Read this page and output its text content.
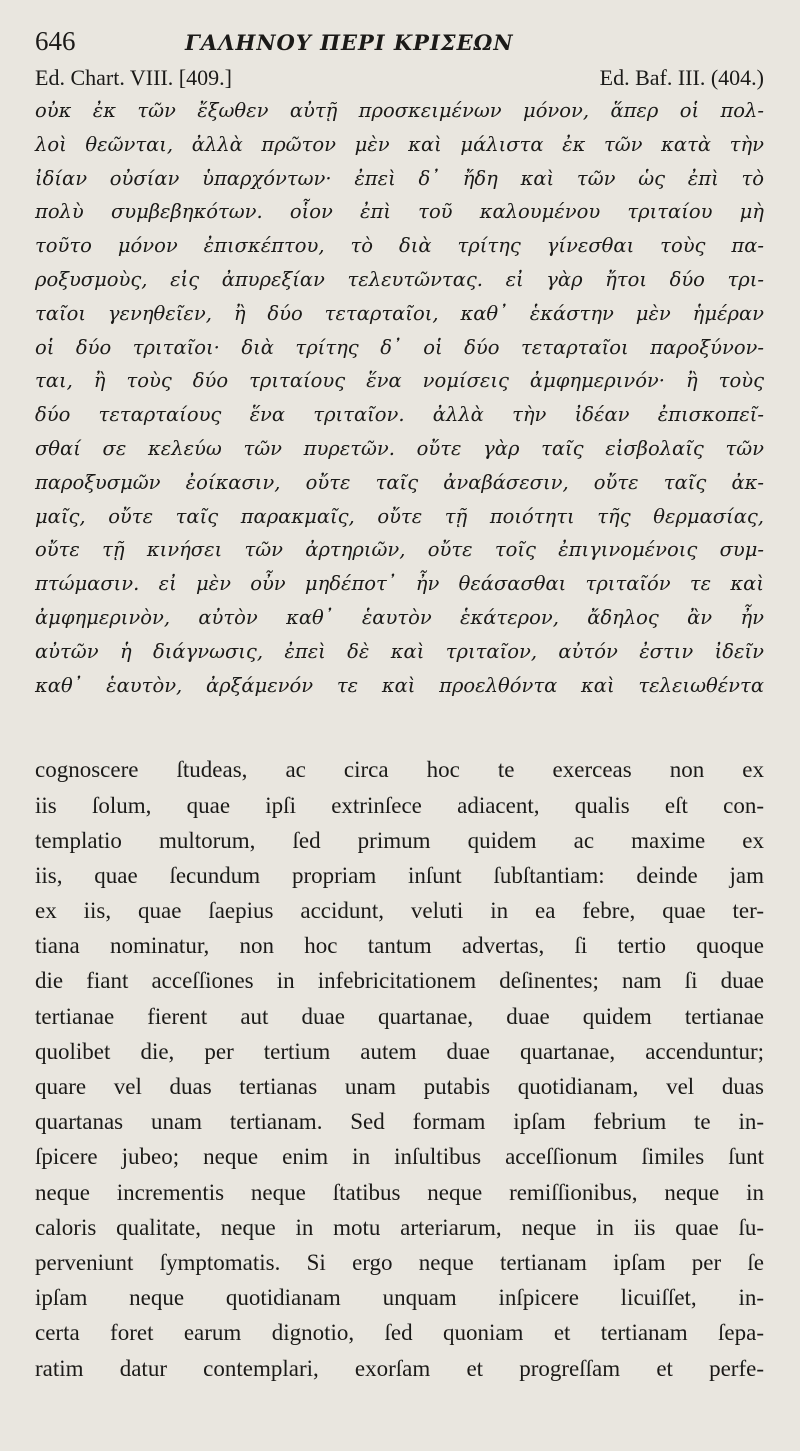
646	ΓΑΛΗΝΟΥ ΠΕΡΙ ΚΡΙΣΕΩΝ
Ed. Chart. VIII. [409.]	Ed. Baf. III. (404.)
οὐκ ἐκ τῶν ἔξωθεν αὐτῇ προσκειμένων μόνον, ἅπερ οἱ πολ-
λοὶ θεῶνται, ἀλλὰ πρῶτον μὲν καὶ μάλιστα ἐκ τῶν κατὰ τὴν
ἰδίαν οὐσίαν ὑπαρχόντων· ἐπεὶ δ᾽ ἤδη καὶ τῶν ὡς ἐπὶ τὸ
πολὺ συμβεβηκότων. οἷον ἐπὶ τοῦ καλουμένου τριταίου μὴ
τοῦτο μόνον ἐπισκέπτου, τὸ διὰ τρίτης γίνεσθαι τοὺς πα-
ροξυσμοὺς, εἰς ἀπυρεξίαν τελευτῶντας. εἰ γὰρ ἤτοι δύο τρι-
ταῖοι γενηθεῖεν, ἢ δύο τεταρταῖοι, καθ᾽ ἑκάστην μὲν ἡμέραν
οἱ δύο τριταῖοι· διὰ τρίτης δ᾽ οἱ δύο τεταρταῖοι παροξύνον-
ται, ἢ τοὺς δύο τριταίους ἕνα νομίσεις ἀμφημερινόν· ἢ τοὺς
δύο τεταρταίους ἕνα τριταῖον. ἀλλὰ τὴν ἰδέαν ἐπισκοπεῖ-
σθαί σε κελεύω τῶν πυρετῶν. οὔτε γὰρ ταῖς εἰσβολαῖς τῶν
παροξυσμῶν ἐοίκασιν, οὔτε ταῖς ἀναβάσεσιν, οὔτε ταῖς ἀκ-
μαῖς, οὔτε ταῖς παρακμαῖς, οὔτε τῇ ποιότητι τῆς θερμασίας,
οὔτε τῇ κινήσει τῶν ἀρτηριῶν, οὔτε τοῖς ἐπιγινομένοις συμ-
πτώμασιν. εἰ μὲν οὖν μηδέποτ᾽ ἦν θεάσασθαι τριταῖόν τε καὶ
ἀμφημερινὸν, αὐτὸν καθ᾽ ἑαυτὸν ἑκάτερον, ἄδηλος ἂν ἦν
αὐτῶν ἡ διάγνωσις, ἐπεὶ δὲ καὶ τριταῖον, αὐτόν ἐστιν ἰδεῖν
καθ᾽ ἑαυτὸν, ἀρξάμενόν τε καὶ προελθόντα καὶ τελειωθέντα
cognoscere ſtudeas, ac circa hoc te exerceas non ex
iis ſolum, quae ipſi extrinſece adiacent, qualis eſt con-
templatio multorum, ſed primum quidem ac maxime ex
iis, quae ſecundum propriam inſunt ſubſtantiam: deinde jam
ex iis, quae ſaepius accidunt, veluti in ea febre, quae ter-
tiana nominatur, non hoc tantum advertas, ſi tertio quoque
die fiant acceſſiones in infebricitationem deſinentes; nam ſi duae
tertianae fierent aut duae quartanae, duae quidem tertianae
quolibet die, per tertium autem duae quartanae, accenduntur;
quare vel duas tertianas unam putabis quotidianam, vel duas
quartanas unam tertianam. Sed formam ipſam febrium te in-
ſpicere jubeo; neque enim in inſultibus acceſſionum ſimiles ſunt
neque incrementis neque ſtatibus neque remiſſionibus, neque in
caloris qualitate, neque in motu arteriarum, neque in iis quae ſu-
perveniunt ſymptomatis. Si ergo neque tertianam ipſam per ſe
ipſam neque quotidianam unquam inſpicere licuiſſet, in-
certa foret earum dignotio, ſed quoniam et tertianam ſepa-
ratim datur contemplari, exorſam et progreſſam et perfe-
